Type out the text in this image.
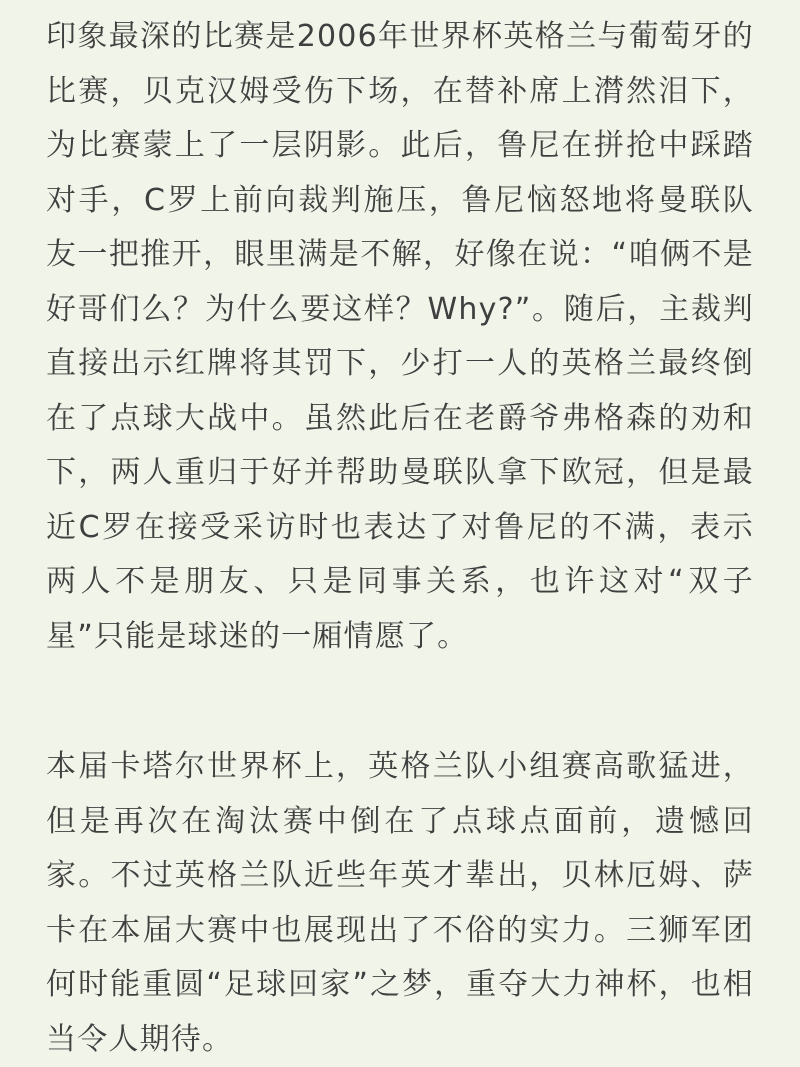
印象最深的比赛是2006年世界杯英格兰与葡萄牙的比赛，贝克汉姆受伤下场，在替补席上潸然泪下，为比赛蒙上了一层阴影。此后，鲁尼在拼抢中踩踏对手，C罗上前向裁判施压，鲁尼恼怒地将曼联队友一把推开，眼里满是不解，好像在说：“咱俩不是好哥们么？为什么要这样？Why?”。随后，主裁判直接出示红牌将其罚下，少打一人的英格兰最终倒在了点球大战中。虽然此后在老爵爷弗格森的劝和下，两人重归于好并帮助曼联队拿下欧冠，但是最近C罗在接受采访时也表达了对鲁尼的不满，表示两人不是朋友、只是同事关系，也许这对“双子星”只能是球迷的一厢情愿了。

本届卡塔尔世界杯上，英格兰队小组赛高歌猛进，但是再次在淘汰赛中倒在了点球点面前，遗憾回家。不过英格兰队近些年英才辈出，贝林厄姆、萨卡在本届大赛中也展现出了不俗的实力。三狮军团何时能重圆“足球回家”之梦，重夺大力神杯，也相当令人期待。
